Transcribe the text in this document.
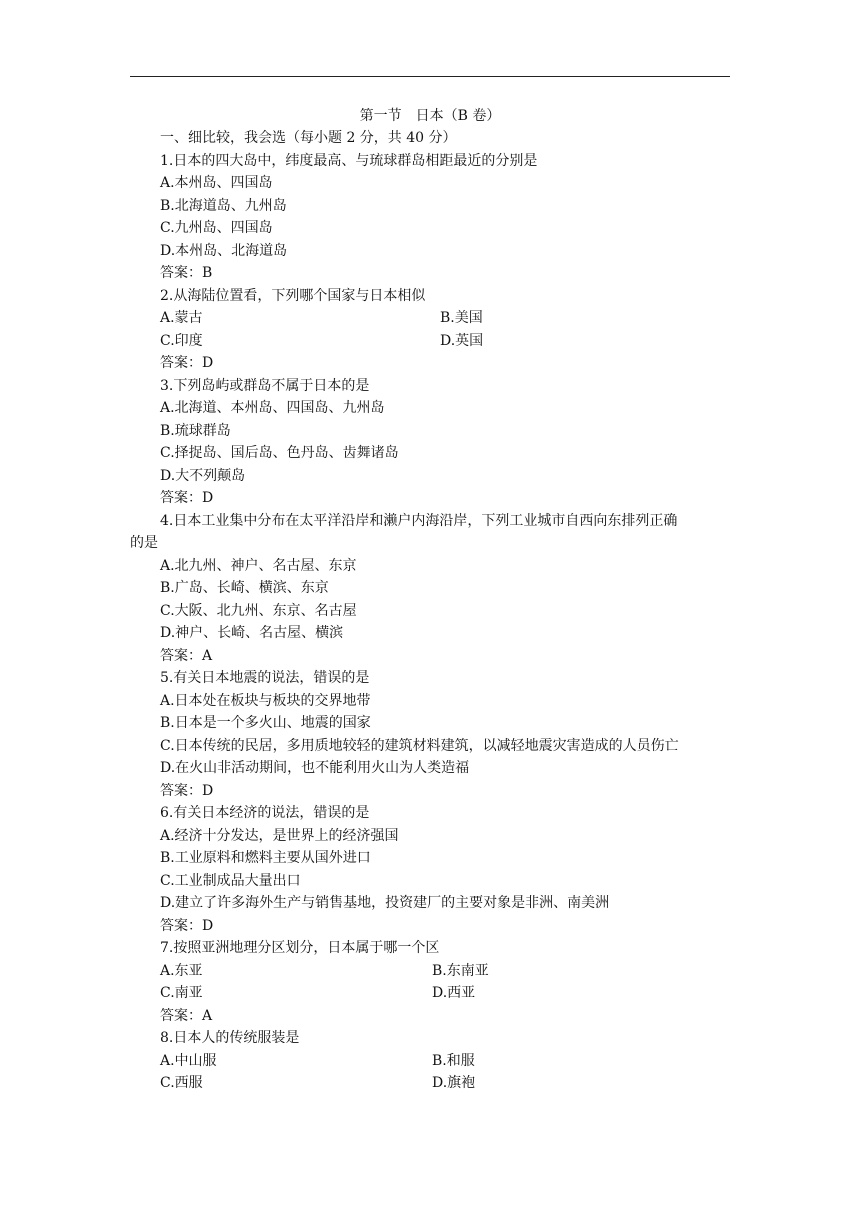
第一节　日本（B 卷）
一、细比较，我会选（每小题 2 分，共 40 分）
1.日本的四大岛中，纬度最高、与琉球群岛相距最近的分别是
A.本州岛、四国岛
B.北海道岛、九州岛
C.九州岛、四国岛
D.本州岛、北海道岛
答案：B
2.从海陆位置看，下列哪个国家与日本相似
A.蒙古	B.美国
C.印度	D.英国
答案：D
3.下列岛屿或群岛不属于日本的是
A.北海道、本州岛、四国岛、九州岛
B.琉球群岛
C.择捉岛、国后岛、色丹岛、齿舞诸岛
D.大不列颠岛
答案：D
4.日本工业集中分布在太平洋沿岸和濑户内海沿岸，下列工业城市自西向东排列正确
的是
A.北九州、神户、名古屋、东京
B.广岛、长崎、横滨、东京
C.大阪、北九州、东京、名古屋
D.神户、长崎、名古屋、横滨
答案：A
5.有关日本地震的说法，错误的是
A.日本处在板块与板块的交界地带
B.日本是一个多火山、地震的国家
C.日本传统的民居，多用质地较轻的建筑材料建筑，以减轻地震灾害造成的人员伤亡
D.在火山非活动期间，也不能利用火山为人类造福
答案：D
6.有关日本经济的说法，错误的是
A.经济十分发达，是世界上的经济强国
B.工业原料和燃料主要从国外进口
C.工业制成品大量出口
D.建立了许多海外生产与销售基地，投资建厂的主要对象是非洲、南美洲
答案：D
7.按照亚洲地理分区划分，日本属于哪一个区
A.东亚	B.东南亚
C.南亚	D.西亚
答案：A
8.日本人的传统服装是
A.中山服	B.和服
C.西服	D.旗袍
